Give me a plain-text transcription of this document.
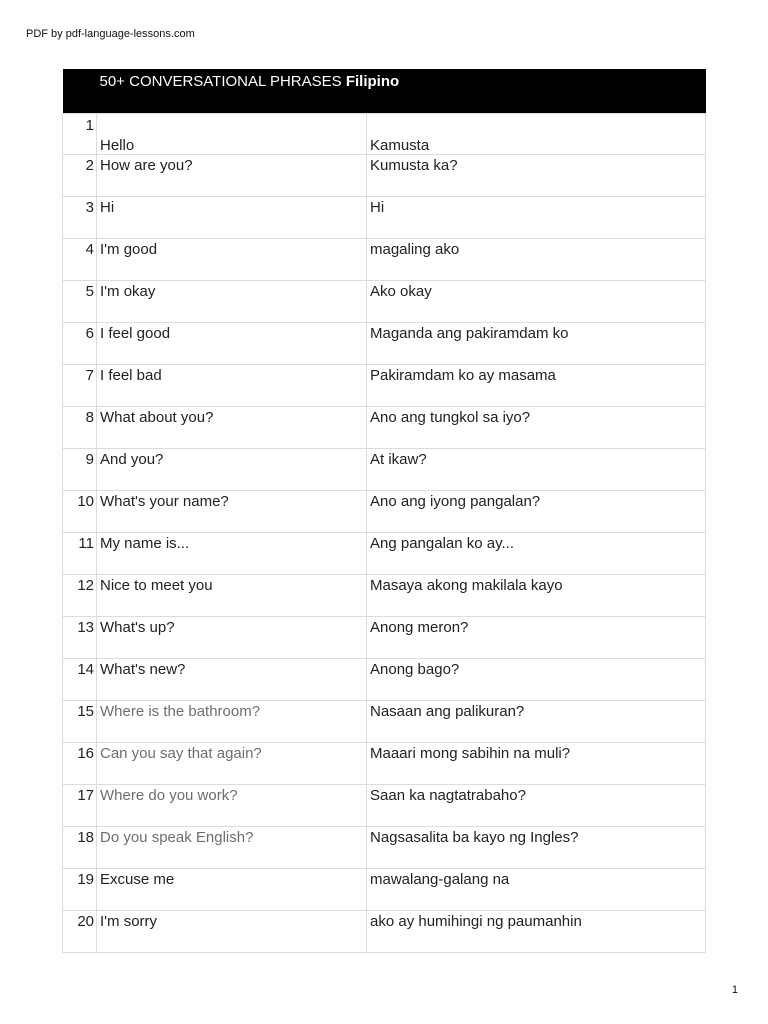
PDF by pdf-language-lessons.com
50+ CONVERSATIONAL PHRASES Filipino		
1	Hello	Kamusta
2	How are you?	Kumusta ka?
3	Hi	Hi
4	I'm good	magaling ako
5	I'm okay	Ako okay
6	I feel good	Maganda ang pakiramdam ko
7	I feel bad	Pakiramdam ko ay masama
8	What about you?	Ano ang tungkol sa iyo?
9	And you?	At ikaw?
10	What's your name?	Ano ang iyong pangalan?
11	My name is...	Ang pangalan ko ay...
12	Nice to meet you	Masaya akong makilala kayo
13	What's up?	Anong meron?
14	What's new?	Anong bago?
15	Where is the bathroom?	Nasaan ang palikuran?
16	Can you say that again?	Maaari mong sabihin na muli?
17	Where do you work?	Saan ka nagtatrabaho?
18	Do you speak English?	Nagsasalita ba kayo ng Ingles?
19	Excuse me	mawalang-galang na
20	I'm sorry	ako ay humihingi ng paumanhin
1
